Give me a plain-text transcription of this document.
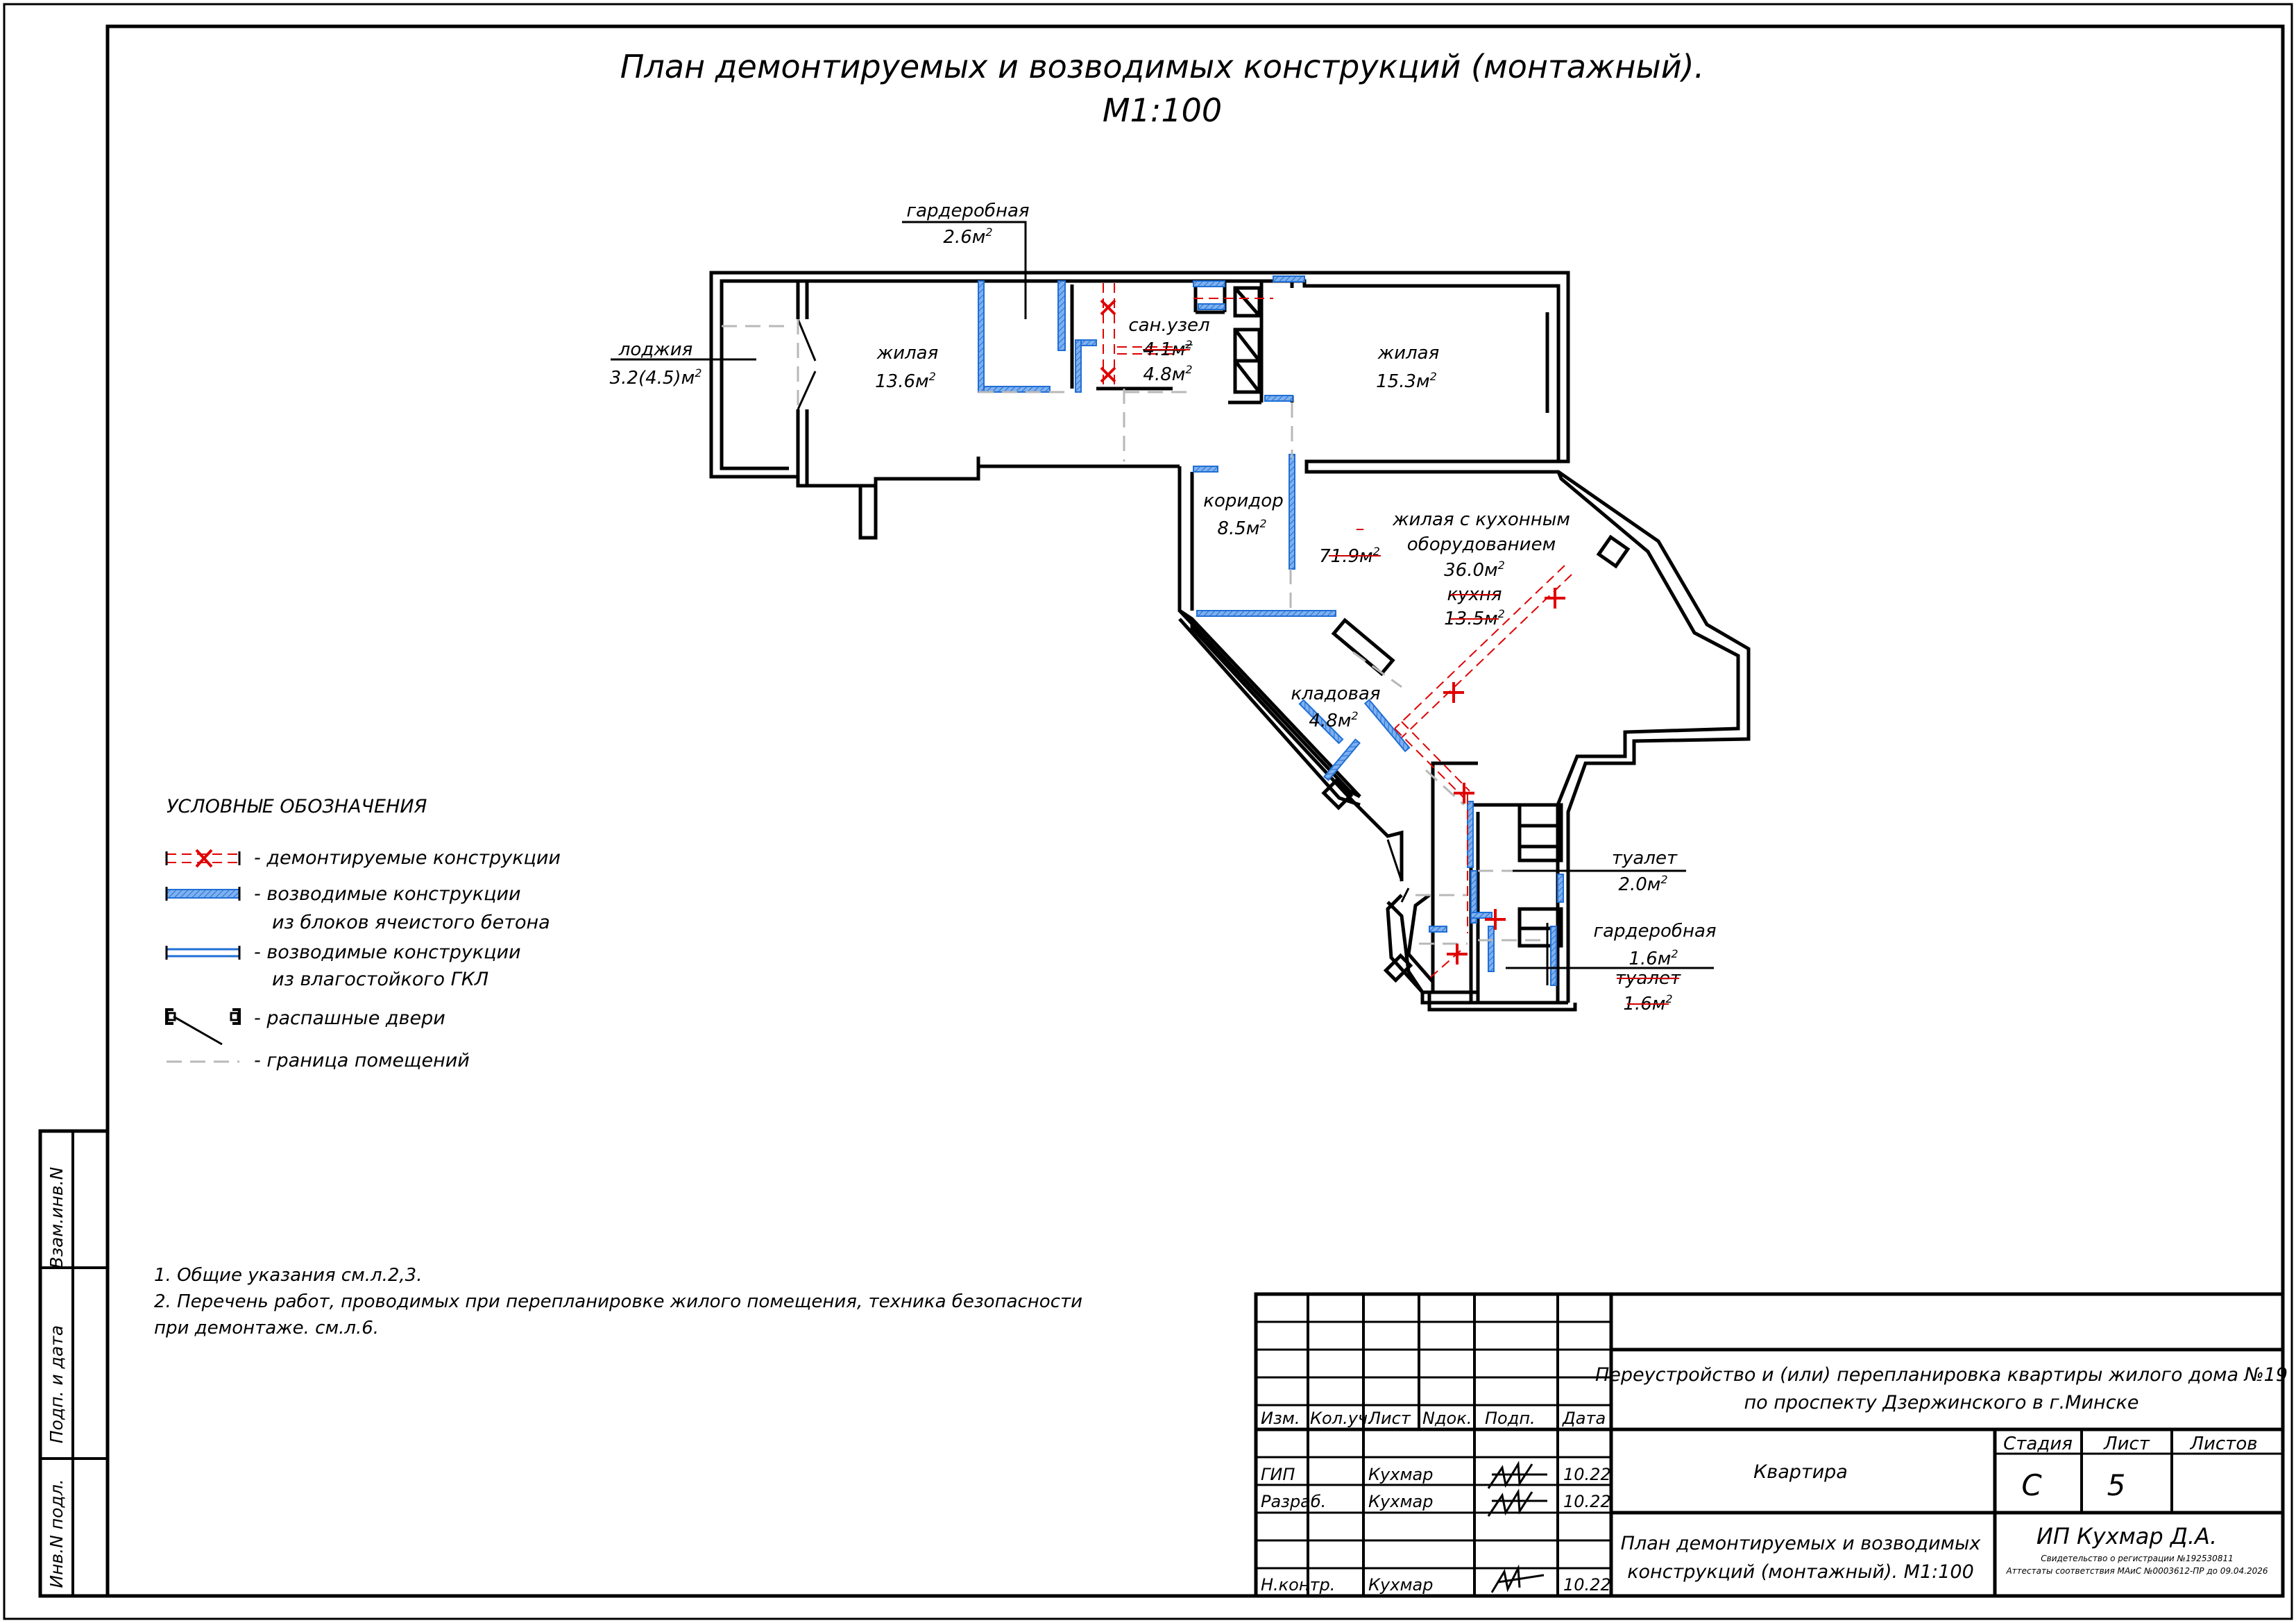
План демонтируемых и возводимых конструкций (монтажный).
М1:100
гардеробная
$2.6м^2$
лоджия
$3.2(4.5)м^2$
жилая
$13.6м^2$
сан.узел
$4.1м^2$
$4.8м^2$
жилая
$15.3м^2$
коридор
$8.5м^2$	–
$71.9м^2$
жилая с кухонным
оборудованием
$36.0м^2$
кухня
$13.5м^2$
кладовая
$4.8м^2$
туалет
$2.0м^2$
гардеробная
$1.6м^2$
туалет
$1.6м^2$
УСЛОВНЫЕ ОБОЗНАЧЕНИЯ
- демонтируемые конструкции
- возводимые конструкции
из блоков ячеистого бетона
- возводимые конструкции
из влагостойкого ГКЛ
- распашные двери
- граница помещений
1. Общие указания см.л.2,3.
2. Перечень работ, проводимых при перепланировке жилого помещения, техника безопасности
при демонтаже. см.л.6.
Взам.инв.N
Подп. и дата
Инв.N подл.
Изм. Кол.уч.
Лист Nдок. Подп. Дата
ГИП	Кухмар	10.22
Разраб.	Кухмар	10.22
Н.контр. Кухмар	10.22
Переустройство и (или) перепланировка квартиры жилого дома №19
по проспекту Дзержинского в г.Минске
Квартира
План демонтируемых и возводимых
конструкций (монтажный). М1:100
Стадия Лист Листов
С 5
ИП Кухмар Д.А.
Свидетельство о регистрации №192530811
Аттестаты соответствия МАиС №0003612-ПР до 09.04.2026
